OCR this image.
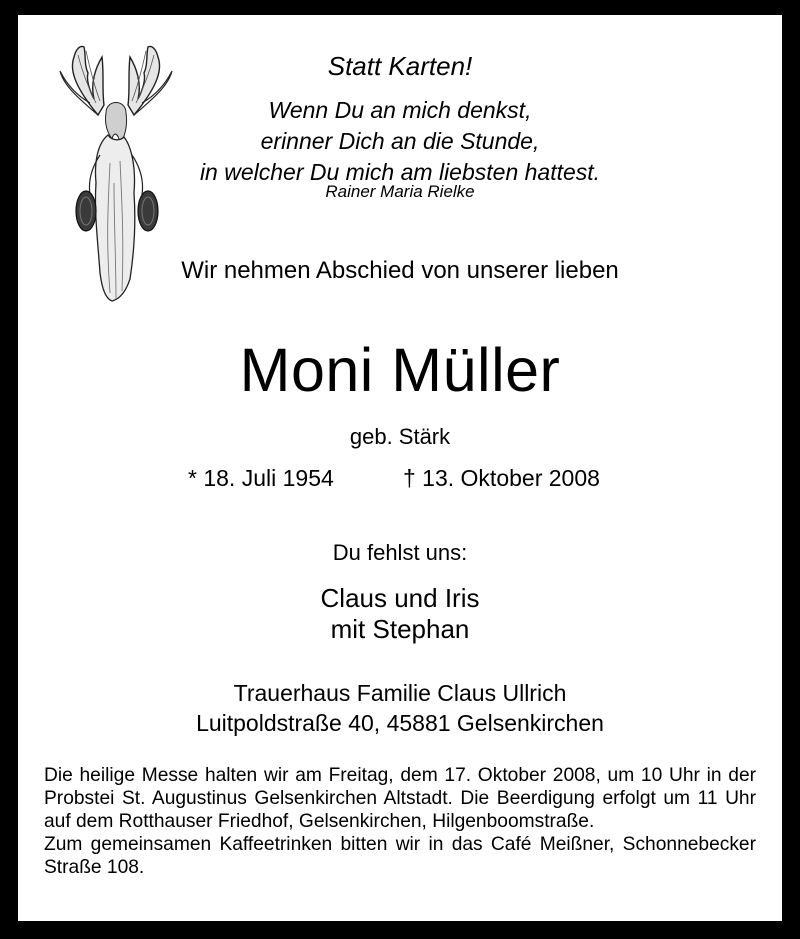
Statt Karten!
Wenn Du an mich denkst,
erinner Dich an die Stunde,
in welcher Du mich am liebsten hattest.
Rainer Maria Rielke
Wir nehmen Abschied von unserer lieben
Moni Müller
geb. Stärk
* 18. Juli 1954	† 13. Oktober 2008
Du fehlst uns:
Claus und Iris
mit Stephan
Trauerhaus Familie Claus Ullrich
Luitpoldstraße 40, 45881 Gelsenkirchen

Die heilige Messe halten wir am Freitag, dem 17. Oktober 2008, um 10 Uhr in der Probstei St. Augustinus Gelsenkirchen Altstadt. Die Beerdigung erfolgt um 11 Uhr auf dem Rotthauser Friedhof, Gelsenkirchen, Hilgenboomstraße.

Zum gemeinsamen Kaffeetrinken bitten wir in das Café Meißner, Schonnebecker Straße 108.
